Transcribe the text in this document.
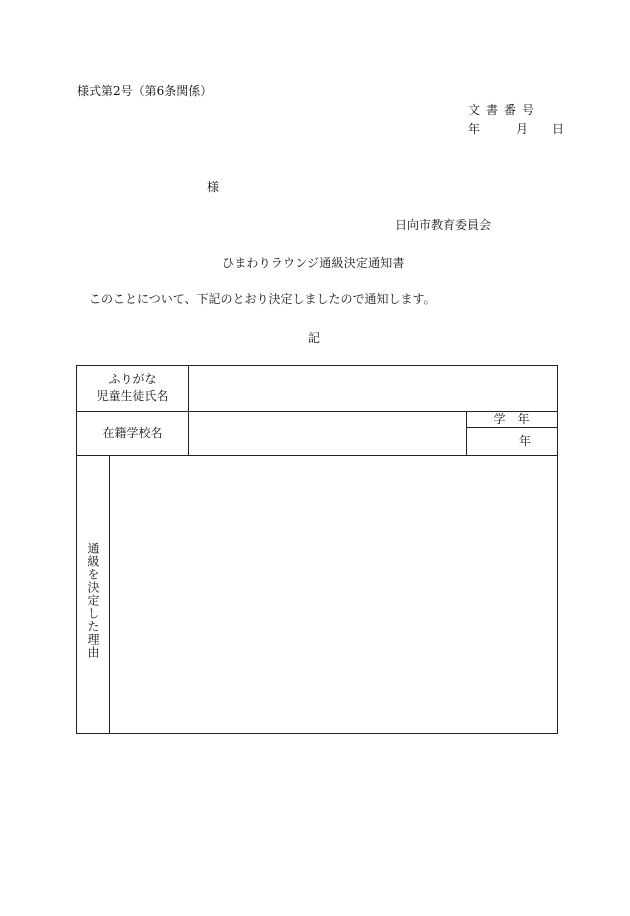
様式第2号（第6条関係）
文書番号
年	月 日
様
日向市教育委員会
ひまわりラウンジ通級決定通知書
このことについて、下記のとおり決定しましたので通知します。
記
ふりがな
児童生徒氏名
在籍学校名
学　年
年
通級を決定した理由
